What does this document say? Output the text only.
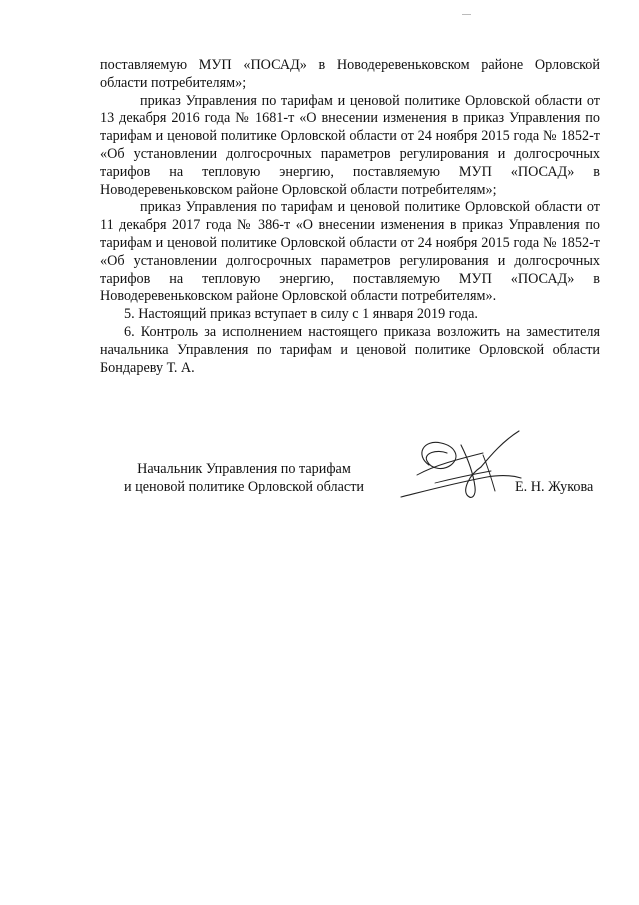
поставляемую МУП «ПОСАД» в Новодеревеньковском районе Орловской области потребителям»;

приказ Управления по тарифам и ценовой политике Орловской области от 13 декабря 2016 года № 1681-т «О внесении изменения в приказ Управления по тарифам и ценовой политике Орловской области от 24 ноября 2015 года № 1852-т «Об установлении долгосрочных параметров регулирования и долгосрочных тарифов на тепловую энергию, поставляемую МУП «ПОСАД» в Новодеревеньковском районе Орловской области потребителям»;

приказ Управления по тарифам и ценовой политике Орловской области от 11 декабря 2017 года № 386-т «О внесении изменения в приказ Управления по тарифам и ценовой политике Орловской области от 24 ноября 2015 года № 1852-т «Об установлении долгосрочных параметров регулирования и долгосрочных тарифов на тепловую энергию, поставляемую МУП «ПОСАД» в Новодеревеньковском районе Орловской области потребителям».

5. Настоящий приказ вступает в силу с 1 января 2019 года.

6. Контроль за исполнением настоящего приказа возложить на заместителя начальника Управления по тарифам и ценовой политике Орловской области Бондареву Т. А.

Начальник Управления по тарифам
и ценовой политике Орловской области	Е. Н. Жукова
